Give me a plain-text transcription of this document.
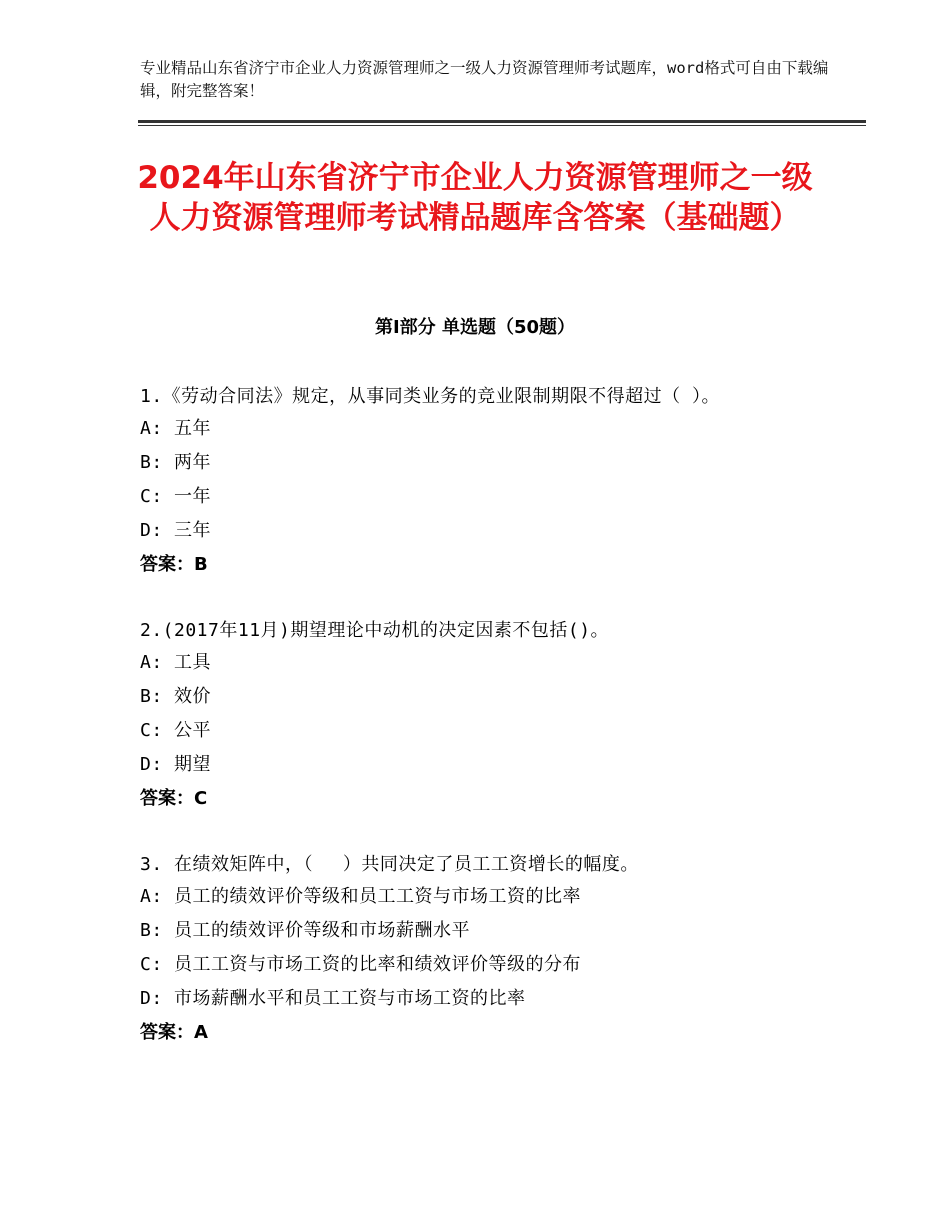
专业精品山东省济宁市企业人力资源管理师之一级人力资源管理师考试题库，word格式可自由下载编辑，附完整答案！
2024年山东省济宁市企业人力资源管理师之一级人力资源管理师考试精品题库含答案（基础题）
第Ⅰ部分 单选题（50题）
1.《劳动合同法》规定，从事同类业务的竞业限制期限不得超过（ ）。
A: 五年
B: 两年
C: 一年
D: 三年
答案：B
2.(2017年11月)期望理论中动机的决定因素不包括()。
A: 工具
B: 效价
C: 公平
D: 期望
答案：C
3. 在绩效矩阵中，（　 ）共同决定了员工工资增长的幅度。
A: 员工的绩效评价等级和员工工资与市场工资的比率
B: 员工的绩效评价等级和市场薪酬水平
C: 员工工资与市场工资的比率和绩效评价等级的分布
D: 市场薪酬水平和员工工资与市场工资的比率
答案：A
